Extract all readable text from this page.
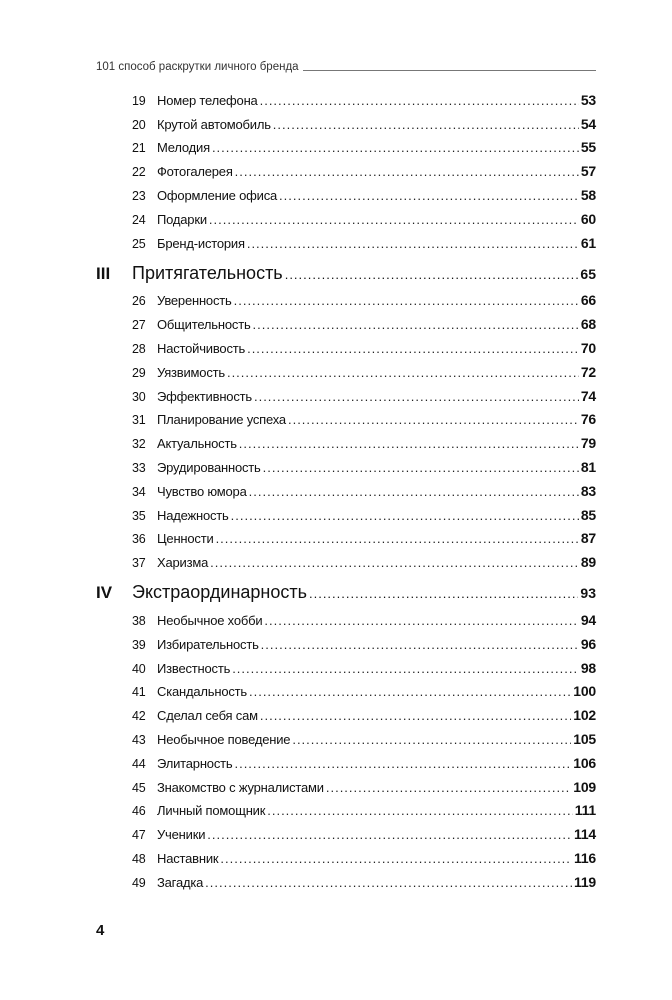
101 способ раскрутки личного бренда
19 Номер телефона .....	53
20 Крутой автомобиль .....	54
21 Мелодия .....	55
22 Фотогалерея .....	57
23 Оформление офиса .....	58
24 Подарки .....	60
25 Бренд-история .....	61
III Притягательность .....	65
26 Уверенность .....	66
27 Общительность .....	68
28 Настойчивость .....	70
29 Уязвимость .....	72
30 Эффективность .....	74
31 Планирование успеха .....	76
32 Актуальность .....	79
33 Эрудированность .....	81
34 Чувство юмора .....	83
35 Надежность .....	85
36 Ценности .....	87
37 Харизма .....	89
IV Экстраординарность .....	93
38 Необычное хобби .....	94
39 Избирательность .....	96
40 Известность .....	98
41 Скандальность .....	100
42 Сделал себя сам .....	102
43 Необычное поведение .....	105
44 Элитарность .....	106
45 Знакомство с журналистами .....	109
46 Личный помощник .....	111
47 Ученики .....	114
48 Наставник .....	116
49 Загадка .....	119
4
